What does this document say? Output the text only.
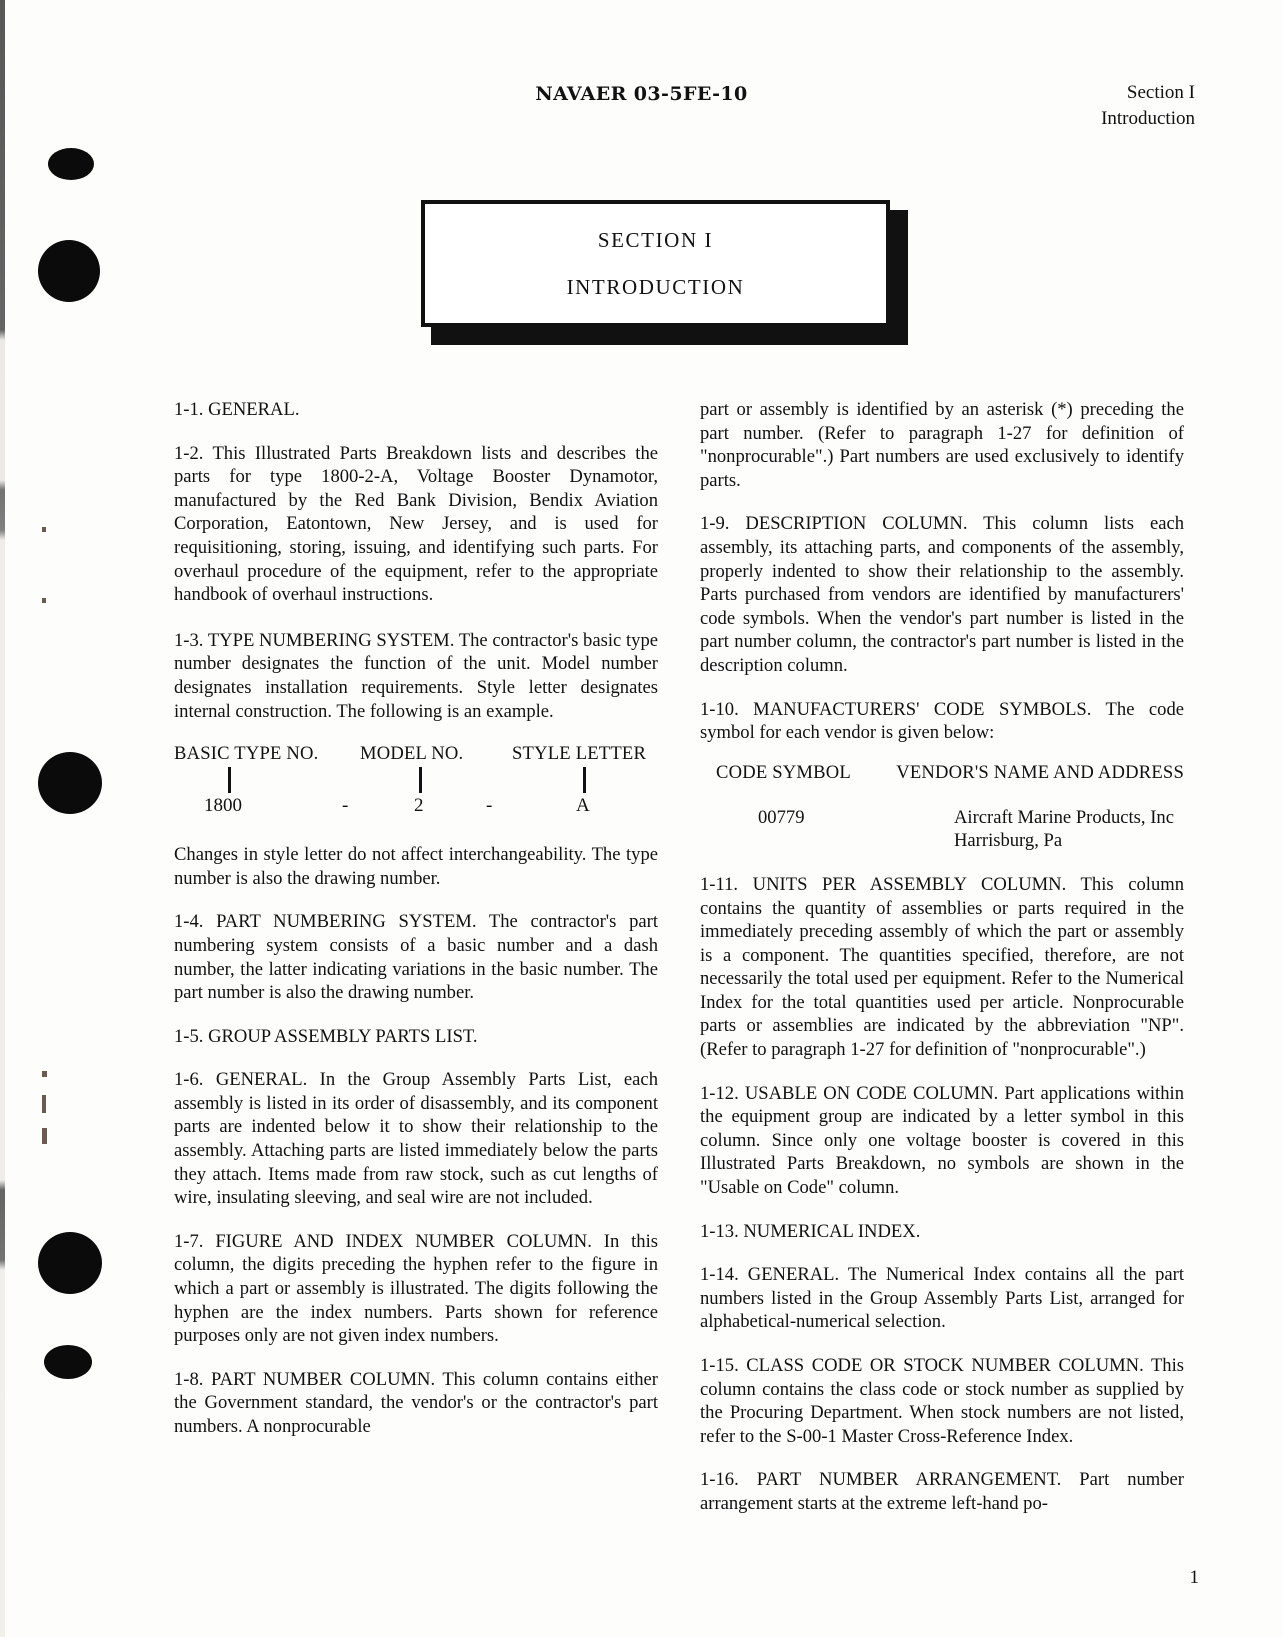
NAVAER 03-5FE-10	Section I
Introduction
SECTION I
INTRODUCTION

1-1. GENERAL.

1-2. This Illustrated Parts Breakdown lists and describes the parts for type 1800-2-A, Voltage Booster Dynamotor, manufactured by the Red Bank Division, Bendix Aviation Corporation, Eatontown, New Jersey, and is used for requisitioning, storing, issuing, and identifying such parts. For overhaul procedure of the equipment, refer to the appropriate handbook of overhaul instructions.

1-3. TYPE NUMBERING SYSTEM. The contractor's basic type number designates the function of the unit. Model number designates installation requirements. Style letter designates internal construction. The following is an example.

BASIC TYPE NO.	MODEL NO.	STYLE LETTER
1800	-	2	-	A

Changes in style letter do not affect interchangeability. The type number is also the drawing number.

1-4. PART NUMBERING SYSTEM. The contractor's part numbering system consists of a basic number and a dash number, the latter indicating variations in the basic number. The part number is also the drawing number.

1-5. GROUP ASSEMBLY PARTS LIST.

1-6. GENERAL. In the Group Assembly Parts List, each assembly is listed in its order of disassembly, and its component parts are indented below it to show their relationship to the assembly. Attaching parts are listed immediately below the parts they attach. Items made from raw stock, such as cut lengths of wire, insulating sleeving, and seal wire are not included.

1-7. FIGURE AND INDEX NUMBER COLUMN. In this column, the digits preceding the hyphen refer to the figure in which a part or assembly is illustrated. The digits following the hyphen are the index numbers. Parts shown for reference purposes only are not given index numbers.

1-8. PART NUMBER COLUMN. This column contains either the Government standard, the vendor's or the contractor's part numbers. A nonprocurable

part or assembly is identified by an asterisk (*) preceding the part number. (Refer to paragraph 1-27 for definition of "nonprocurable".) Part numbers are used exclusively to identify parts.

1-9. DESCRIPTION COLUMN. This column lists each assembly, its attaching parts, and components of the assembly, properly indented to show their relationship to the assembly. Parts purchased from vendors are identified by manufacturers' code symbols. When the vendor's part number is listed in the part number column, the contractor's part number is listed in the description column.

1-10. MANUFACTURERS' CODE SYMBOLS. The code symbol for each vendor is given below:

CODE SYMBOL	VENDOR'S NAME AND ADDRESS
00779	Aircraft Marine Products, Inc
Harrisburg, Pa

1-11. UNITS PER ASSEMBLY COLUMN. This column contains the quantity of assemblies or parts required in the immediately preceding assembly of which the part or assembly is a component. The quantities specified, therefore, are not necessarily the total used per equipment. Refer to the Numerical Index for the total quantities used per article. Nonprocurable parts or assemblies are indicated by the abbreviation "NP". (Refer to paragraph 1-27 for definition of "nonprocurable".)

1-12. USABLE ON CODE COLUMN. Part applications within the equipment group are indicated by a letter symbol in this column. Since only one voltage booster is covered in this Illustrated Parts Breakdown, no symbols are shown in the "Usable on Code" column.

1-13. NUMERICAL INDEX.

1-14. GENERAL. The Numerical Index contains all the part numbers listed in the Group Assembly Parts List, arranged for alphabetical-numerical selection.

1-15. CLASS CODE OR STOCK NUMBER COLUMN. This column contains the class code or stock number as supplied by the Procuring Department. When stock numbers are not listed, refer to the S-00-1 Master Cross-Reference Index.

1-16. PART NUMBER ARRANGEMENT. Part number arrangement starts at the extreme left-hand po-

1
